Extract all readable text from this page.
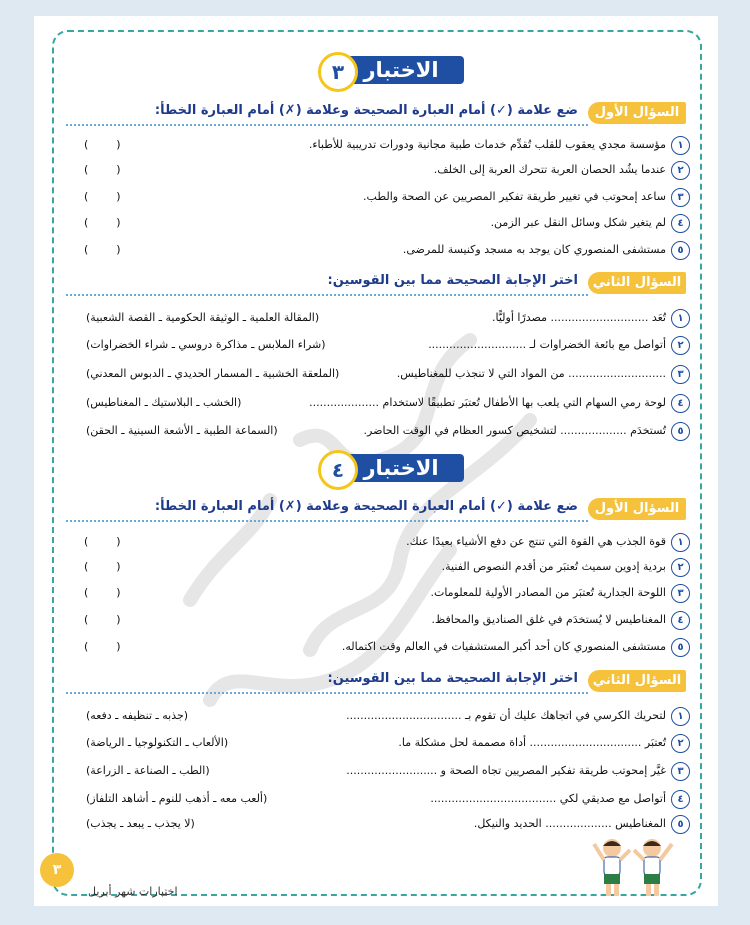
الاختبار
٣
السؤال الأول
ضع علامة (✓) أمام العبارة الصحيحة وعلامة (✗) أمام العبارة الخطأ:
١
مؤسسة مجدي يعقوب للقلب تُقدِّم خدمات طبية مجانية ودورات تدريبية للأطباء.
(        )
٢
عندما يشُد الحصان العربة تتحرك العربة إلى الخلف.
(        )
٣
ساعد إمحوتب في تغيير طريقة تفكير المصريين عن الصحة والطب.
(        )
٤
لم يتغير شكل وسائل النقل عبر الزمن.
(        )
٥
مستشفى المنصوري كان يوجد به مسجد وكنيسة للمرضى.
(        )
السؤال الثاني
اختر الإجابة الصحيحة مما بين القوسين:
١
تُعَد ............................ مصدرًا أوليًّا.
(المقالة العلمية ـ الوثيقة الحكومية ـ القصة الشعبية)
٢
أتواصل مع بائعة الخضراوات لـ ............................
(شراء الملابس ـ مذاكرة دروسي ـ شراء الخضراوات)
٣
............................ من المواد التي لا تنجذب للمغناطيس.
(الملعقة الخشبية ـ المسمار الحديدي ـ الدبوس المعدني)
٤
لوحة رمي السهام التي يلعب بها الأطفال تُعتبَر تطبيقًا لاستخدام ....................
(الخشب ـ البلاستيك ـ المغناطيس)
٥
تُستخدَم ................... لتشخيص كسور العظام في الوقت الحاضر.
(السماعة الطبية ـ الأشعة السينية ـ الحقن)
الاختبار
٤
السؤال الأول
ضع علامة (✓) أمام العبارة الصحيحة وعلامة (✗) أمام العبارة الخطأ:
١
قوة الجذب هي القوة التي تنتج عن دفع الأشياء بعيدًا عنك.
(        )
٢
بردية إدوين سميث تُعتبَر من أقدم النصوص الفنية.
(        )
٣
اللوحة الجدارية تُعتبَر من المصادر الأولية للمعلومات.
(        )
٤
المغناطيس لا يُستخدَم في غلق الصناديق والمحافظ.
(        )
٥
مستشفى المنصوري كان أحد أكبر المستشفيات في العالم وقت اكتماله.
(        )
السؤال الثاني
اختر الإجابة الصحيحة مما بين القوسين:
١
لتحريك الكرسي في اتجاهك عليك أن تقوم بـ .................................
(جذبه ـ تنظيفه ـ دفعه)
٢
تُعتبَر ................................ أداة مصممة لحل مشكلة ما.
(الألعاب ـ التكنولوجيا ـ الرياضة)
٣
غيَّر إمحوتب طريقة تفكير المصريين تجاه الصحة و ..........................
(الطب ـ الصناعة ـ الزراعة)
٤
أتواصل مع صديقي لكي ....................................
(ألعب معه ـ أذهب للنوم ـ أشاهد التلفاز)
٥
المغناطيس ................... الحديد والنيكل.
(لا يجذب ـ يبعد ـ يجذب)
٣
اختبارات شهر أبريل
